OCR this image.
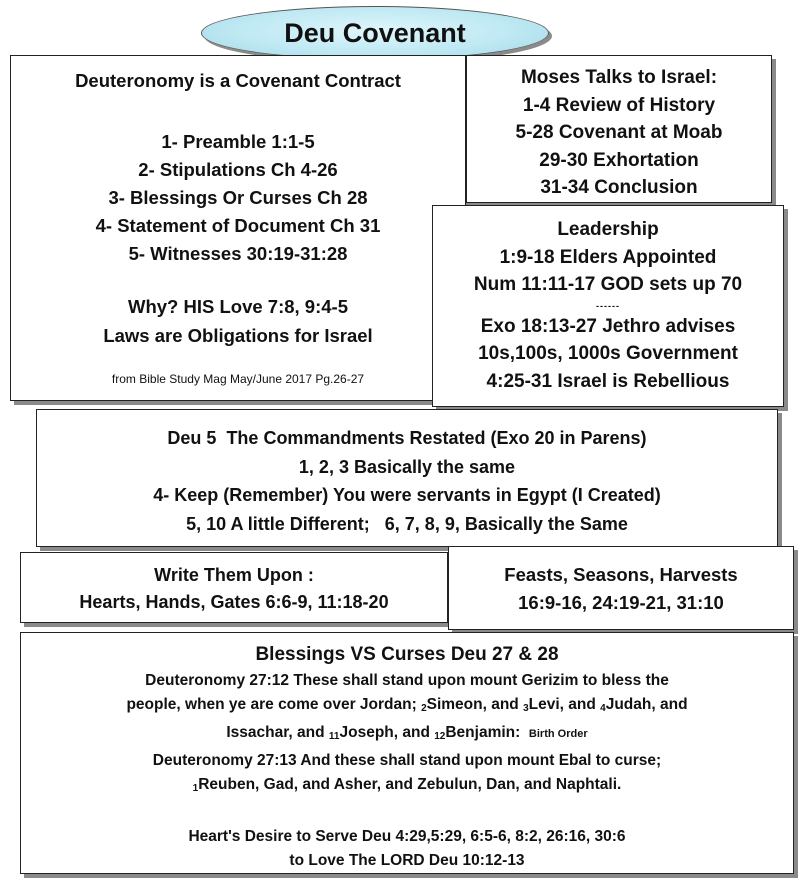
Deu Covenant
Deuteronomy is a Covenant Contract
1- Preamble 1:1-5
2- Stipulations Ch 4-26
3- Blessings Or Curses Ch 28
4- Statement of Document Ch 31
5- Witnesses 30:19-31:28
Why? HIS Love 7:8, 9:4-5
Laws are Obligations for Israel
from Bible Study Mag May/June 2017 Pg.26-27
Moses Talks to Israel:
1-4 Review of History
5-28 Covenant at Moab
29-30 Exhortation
31-34 Conclusion
Leadership
1:9-18 Elders Appointed
Num 11:11-17 GOD sets up 70
------
Exo 18:13-27 Jethro advises
10s,100s, 1000s Government
4:25-31 Israel is Rebellious
Deu 5  The Commandments Restated (Exo 20 in Parens)
1, 2, 3 Basically the same
4- Keep (Remember) You were servants in Egypt (I Created)
5, 10 A little Different;   6, 7, 8, 9, Basically the Same
Write Them Upon :
Hearts, Hands, Gates 6:6-9, 11:18-20
Feasts, Seasons, Harvests
16:9-16, 24:19-21, 31:10
Blessings VS Curses Deu 27 & 28
Deuteronomy 27:12 These shall stand upon mount Gerizim to bless the
people, when ye are come over Jordan; $_2$Simeon, and $_3$Levi, and $_4$Judah, and
Issachar, and $_{11}$Joseph, and $_{12}$Benjamin: Birth Order
Deuteronomy 27:13 And these shall stand upon mount Ebal to curse;
$_1$Reuben, Gad, and Asher, and Zebulun, Dan, and Naphtali.
Heart's Desire to Serve Deu 4:29,5:29, 6:5-6, 8:2, 26:16, 30:6
to Love The LORD Deu 10:12-13
